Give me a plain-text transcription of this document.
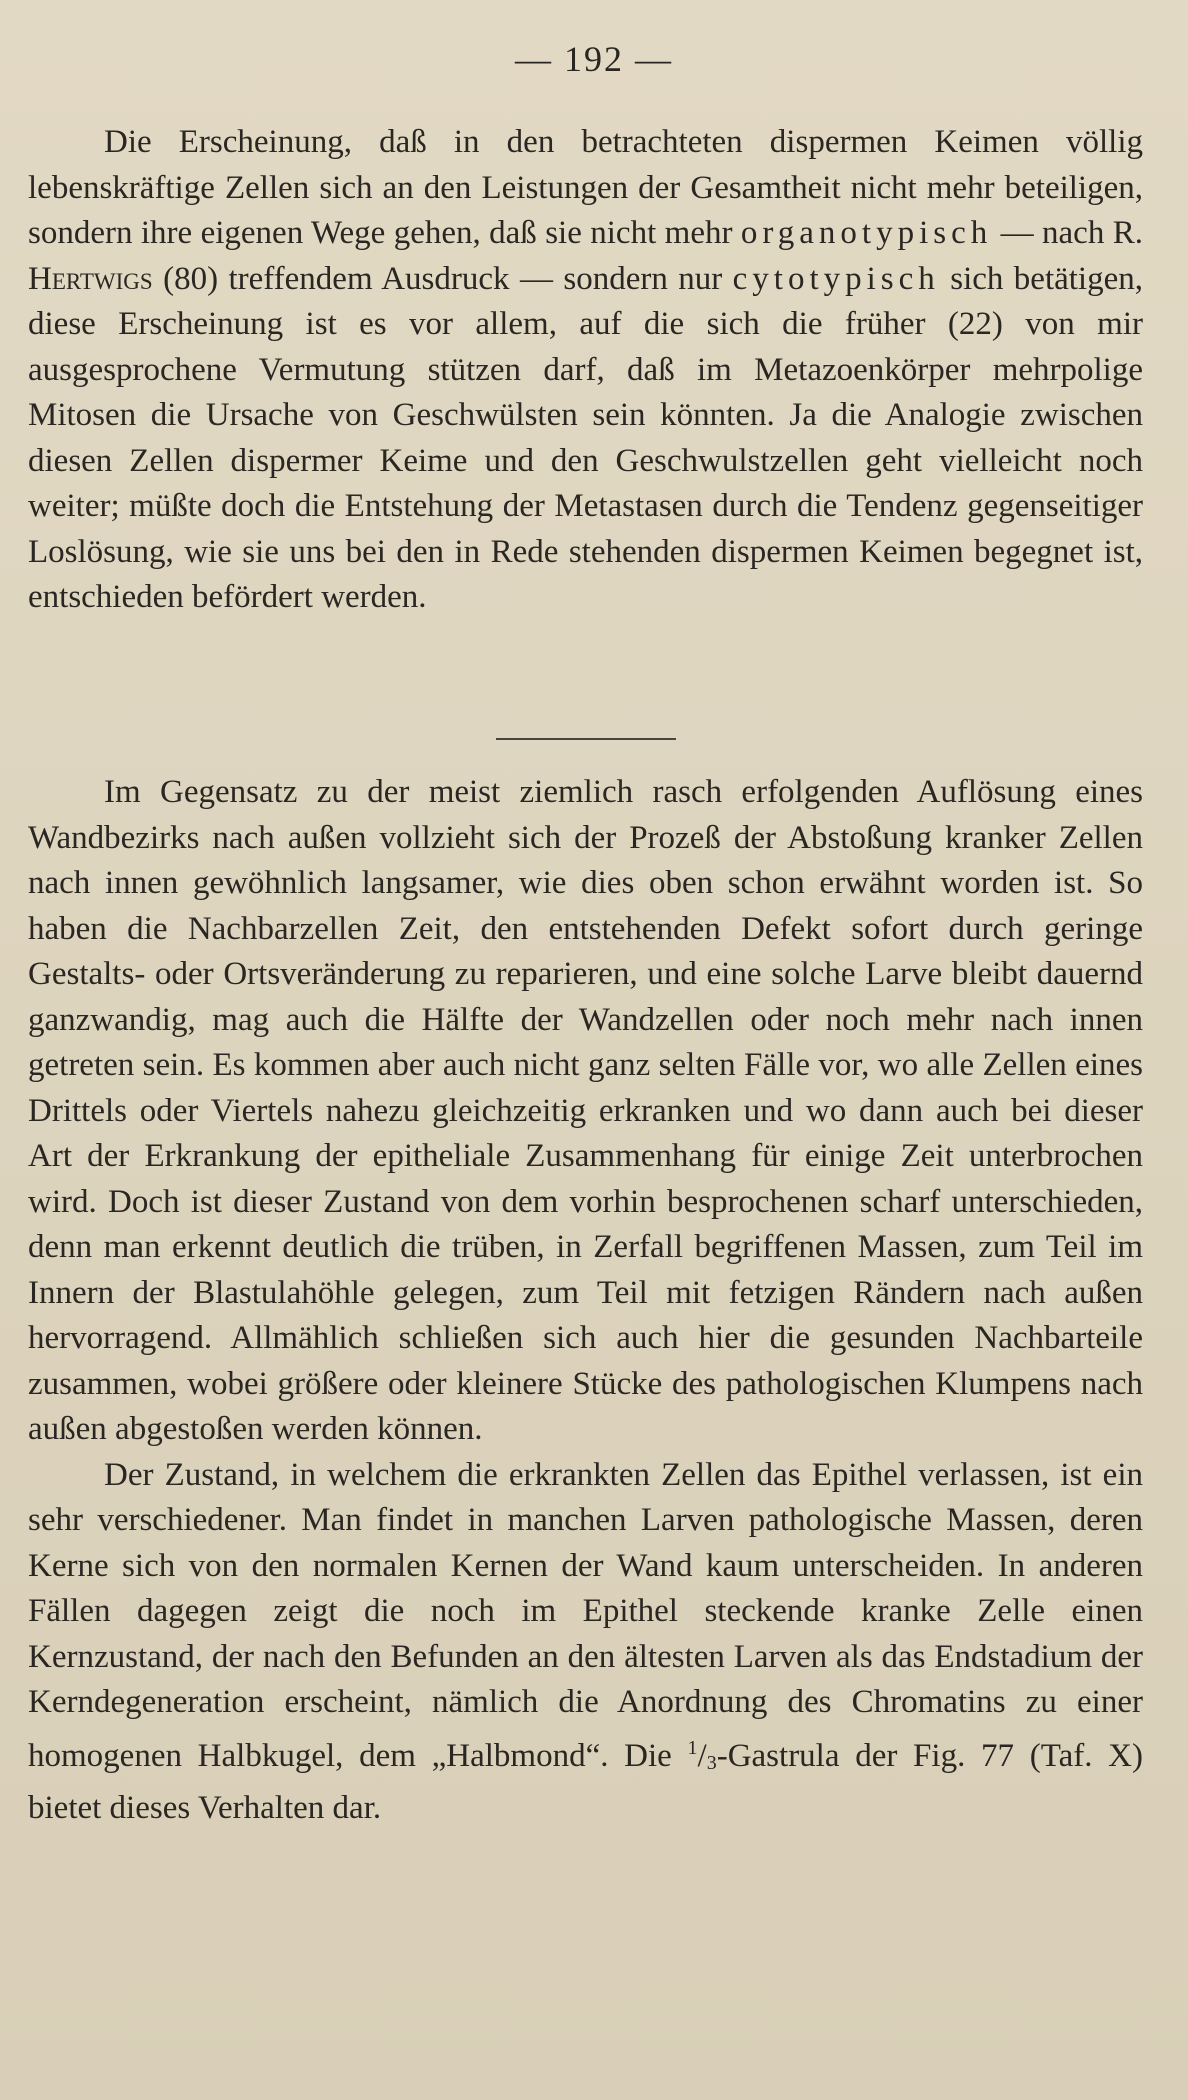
— 192 —

Die Erscheinung, daß in den betrachteten dispermen Keimen völlig lebenskräftige Zellen sich an den Leistungen der Gesamtheit nicht mehr beteiligen, sondern ihre eigenen Wege gehen, daß sie nicht mehr organotypisch — nach R. Hertwigs (80) treffendem Ausdruck — sondern nur cytotypisch sich betätigen, diese Erscheinung ist es vor allem, auf die sich die früher (22) von mir ausgesprochene Vermutung stützen darf, daß im Metazoenkörper mehrpolige Mitosen die Ursache von Geschwülsten sein könnten. Ja die Analogie zwischen diesen Zellen dispermer Keime und den Geschwulstzellen geht vielleicht noch weiter; müßte doch die Entstehung der Metastasen durch die Tendenz gegenseitiger Loslösung, wie sie uns bei den in Rede stehenden dispermen Keimen begegnet ist, entschieden befördert werden.

Im Gegensatz zu der meist ziemlich rasch erfolgenden Auflösung eines Wandbezirks nach außen vollzieht sich der Prozeß der Abstoßung kranker Zellen nach innen gewöhnlich langsamer, wie dies oben schon erwähnt worden ist. So haben die Nachbarzellen Zeit, den entstehenden Defekt sofort durch geringe Gestalts- oder Ortsveränderung zu reparieren, und eine solche Larve bleibt dauernd ganzwandig, mag auch die Hälfte der Wandzellen oder noch mehr nach innen getreten sein. Es kommen aber auch nicht ganz selten Fälle vor, wo alle Zellen eines Drittels oder Viertels nahezu gleichzeitig erkranken und wo dann auch bei dieser Art der Erkrankung der epitheliale Zusammenhang für einige Zeit unterbrochen wird. Doch ist dieser Zustand von dem vorhin besprochenen scharf unterschieden, denn man erkennt deutlich die trüben, in Zerfall begriffenen Massen, zum Teil im Innern der Blastulahöhle gelegen, zum Teil mit fetzigen Rändern nach außen hervorragend. Allmählich schließen sich auch hier die gesunden Nachbarteile zusammen, wobei größere oder kleinere Stücke des pathologischen Klumpens nach außen abgestoßen werden können.

Der Zustand, in welchem die erkrankten Zellen das Epithel verlassen, ist ein sehr verschiedener. Man findet in manchen Larven pathologische Massen, deren Kerne sich von den normalen Kernen der Wand kaum unterscheiden. In anderen Fällen dagegen zeigt die noch im Epithel steckende kranke Zelle einen Kernzustand, der nach den Befunden an den ältesten Larven als das Endstadium der Kerndegeneration erscheint, nämlich die Anordnung des Chromatins zu einer homogenen Halbkugel, dem „Halbmond“. Die $^1$/3-Gastrula der Fig. 77 (Taf. X) bietet dieses Verhalten dar.
